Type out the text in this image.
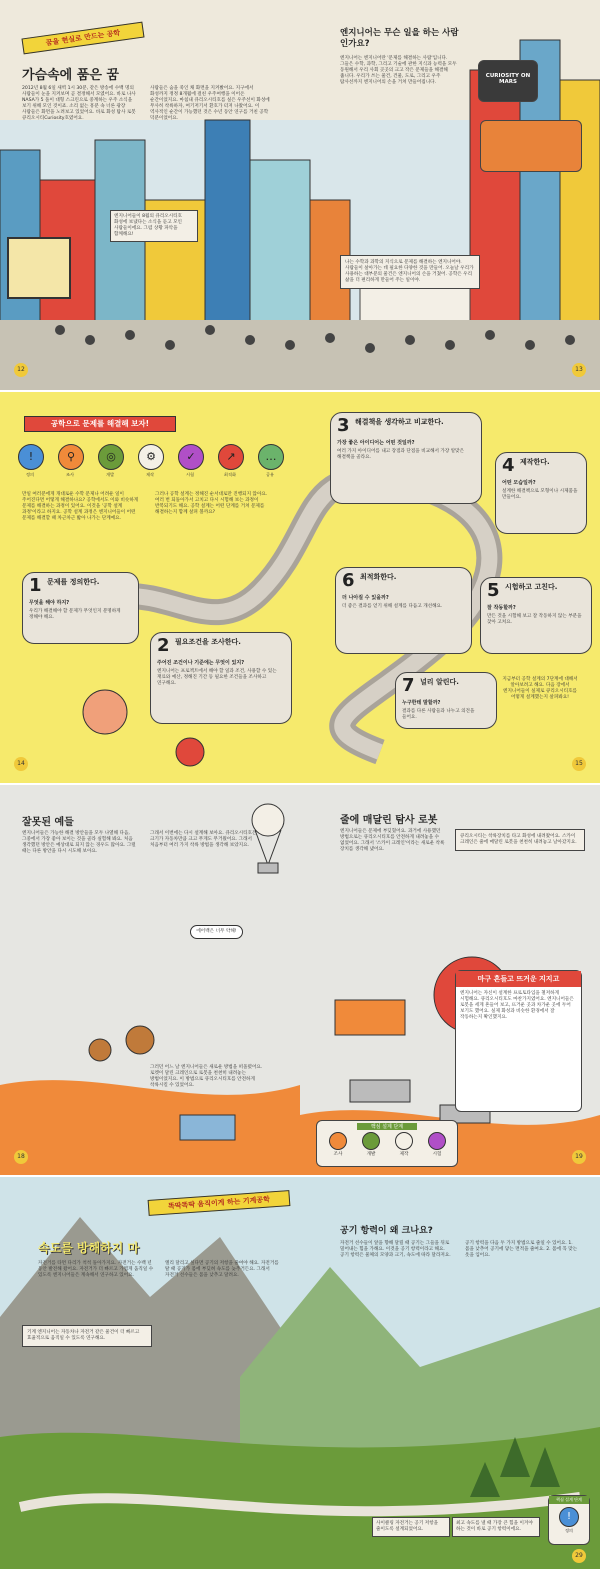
꿈을 현실로 만드는 공학
가슴속에 품은 꿈
2012년 8월 6일 새벽 1시 30분, 같은 방송에 수백 명의 사람들이 눈을 지켜보며 곧 결정해서 모였어요. 바로 나사 NASA가 5 돌이 대형 스크린으로 중계하는 우주 소식을 보기 위해 모인 것이죠. 소리 없는 흥분 속 너른 광장 사람들은 화면을 노려보고 있었어요. 바로 화성 탐사 로봇 큐리오시티Curiosity호였어요.
사람들은 숨을 죽인 채 화면을 지켜봤어요. 지구에서 화성까지 정정 8개월에 걸친 우주여행을 이어온 순간이었지요. 마침내 큐리오시티호를 실은 우주선이 화성에 무사히 착륙하자, 여기저기서 환호가 터져 나왔어요. 이 역사적인 순간이 가능했던 것은 수년 동안 연구를 거친 공학 덕분이었어요.
엔지니어는 무슨 일을 하는 사람인가요?
엔지니어는 엔지니어란 '문제를 해결하는 사람'입니다. 그들은 수학, 과학, 그리고 기술에 관한 지식과 능력을 모두 동원해서 우리 사회 곳곳의 크고 작은 문제들을 해결해 줍니다. 우리가 쓰는 물건, 건물, 도로, 그리고 우주 탐사선까지 엔지니어의 손을 거쳐 만들어집니다.
CURIOSITY ON MARS
엔지니어들이 8월의 큐리오시티호 화성에 보냈다는 소식을 듣고 모인 사람들이에요. 그럼 상황 파악을 함께해요!
나는 수학과 과학의 지식으로 문제를 해결하는 엔지니어야. 사람들이 살아가는 데 필요한 다양한 것을 만들어. 오늘날 우리가 사용하는 대부분의 물건은 엔지니어의 손을 거쳤어. 공학은 우리 삶을 더 편리하게 만들어 주는 일이야.
12	13
공학으로 문제를 해결해 보자!
!
정의
⚲
조사
◎
개발
⚙
제작
✓
시험
↗
최적화
…
공유
만일 여러분에게 개대로운 수학 문제나 어려운 일이 주어진다면 어떻게 해결하나요? 공학에서도 이와 비슷하게 문제를 해결하는 과정이 있어요. 이것을 '공학 설계 과정'이라고 하지요. 공학 설계 과정은 엔지니어들이 어떤 문제를 해결할 때 차근차근 밟아 나가는 단계예요.
그러나 공학 설계는 정해진 순서대로만 진행되지 않아요. 여러 번 되돌아가서 고치고 다시 시험해 보는 과정이 반복되기도 해요. 공학 설계는 어떤 단계를 거쳐 문제를 해결하는지 함께 살펴 볼까요?
1 문제를 정의한다.
무엇을 해야 하지?
우리가 해결해야 할 문제가 무엇인지 분명하게 정해야 해요.
2 필요조건을 조사한다.
주어진 조건이나 기준에는 무엇이 있지?
엔지니어는 프로젝트에서 해야 할 일과 조건, 사용할 수 있는 재료와 예산, 정해진 기간 등 필요한 조건들을 조사하고 연구해요.
3 해결책을 생각하고 비교한다.
가장 좋은 아이디어는 어떤 것일까?
여러 가지 아이디어를 내고 장점과 단점을 비교해서 가장 알맞은 해결책을 골라요.	4 제작한다.
어떤 모습일까?
설계한 해결책으로 모형이나 시제품을 만들어요.
5 시험하고 고친다.
잘 작동할까?
만든 것을 시험해 보고 잘 작동하지 않는 부분을 찾아 고쳐요.
6 최적화한다.
더 나아질 수 있을까?
더 좋은 결과를 얻기 위해 설계를 다듬고 개선해요.
7 널리 알린다.
누구한테 말할까?
결과를 다른 사람들과 나누고 의견을 들어요.
지금부터 공학 설계의 7단계에 대해서 알아보려고 해요. 다음 장에서 엔지니어들이 실제로 큐리오시티호를 어떻게 설계했는지 살펴봐요!
14	15
잘못된 예들
엔지니어들은 가능한 해결 방안들을 모두 나열해 다음, 그중에서 가장 좋아 보이는 것을 골라 실험해 봐요. 처음 생각했던 방안은 예상대로 되지 않는 경우도 많아요. 그럴 때는 다른 방안을 다시 시도해 보아요.
그래서 이번에는 다시 설계해 보아요. 큐리오시티호는 크기가 자동차만큼 크고 무게도 무거웠어요. 그래서 처음부터 여러 가지 착륙 방법을 생각해 보았지요.
에어백은 너무 약해!
그러던 어느 날 엔지니어들은 새로운 방법을 떠올렸어요. 로켓이 달린 크레인으로 로봇을 천천히 내려놓는 방법이었지요. 이 방법으로 큐리오시티호를 안전하게 착륙시킬 수 있었어요.
줄에 매달린 탐사 로봇
엔지니어들은 문제에 부딪혔어요. 과거에 사용했던 방법으로는 큐리오시티호를 안전하게 내려놓을 수 없었어요. 그래서 '스카이 크레인'이라는 새로운 착륙 장치를 생각해 냈어요.
큐리오시티는 착륙장치를 타고 화성에 내려왔어요. 스카이 크레인은 줄에 매달린 로봇을 천천히 내려놓고 날아갔지요.
마구 흔들고 뜨거운 지지고
엔지니어는 자신이 설계한 프로토타입을 철저하게 시험해요. 큐리오시티호도 마찬가지였어요. 엔지니어들은 로봇을 세게 흔들어 보고, 뜨거운 곳과 차가운 곳에 두어 보기도 했어요. 실제 화성과 비슷한 환경에서 잘 작동하는지 확인했지요.
핵심 설계 단계
조사	개발	제작	시험
18	19
똑딱똑딱 움직이게 하는 기계공학
속도를 방해하지 마
자전거를 타면 다리가 척척 돌아가지요. 자전거는 수백 년 동안 발전해 왔어요. 자전거가 더 빠르고 가볍게 움직일 수 있도록 엔지니어들은 계속해서 연구하고 있어요.
엘리 달리고 싶다면 공기의 저항을 줄여야 해요. 자전거를 탈 때 공기가 몸에 부딪혀 속도를 늦추거든요. 그래서 자전거 선수들은 몸을 낮추고 달려요.
기계 엔지니어는 자동차나 자전거 같은 물건이 더 빠르고 효율적으로 움직일 수 있도록 연구해요.
공기 항력이 왜 크나요?
자전거 선수들이 앞을 향해 달릴 때 공기는 그들을 뒤로 밀어내는 힘을 가해요. 이것을 공기 항력이라고 해요. 공기 항력은 물체의 모양과 크기, 속도에 따라 달라져요.
공기 항력을 다음 두 가지 방법으로 줄일 수 있어요. 1. 몸을 낮추어 공기에 닿는 면적을 줄여요. 2. 몸에 꼭 맞는 옷을 입어요.
사이클링 자전거는 공기 저항을 줄이도록 설계되었어요.
최고 속도를 낼 때 가장 큰 힘을 이겨야 하는 것이 바로 공기 항력이에요.
핵심 설계 단계
!
정의
29
